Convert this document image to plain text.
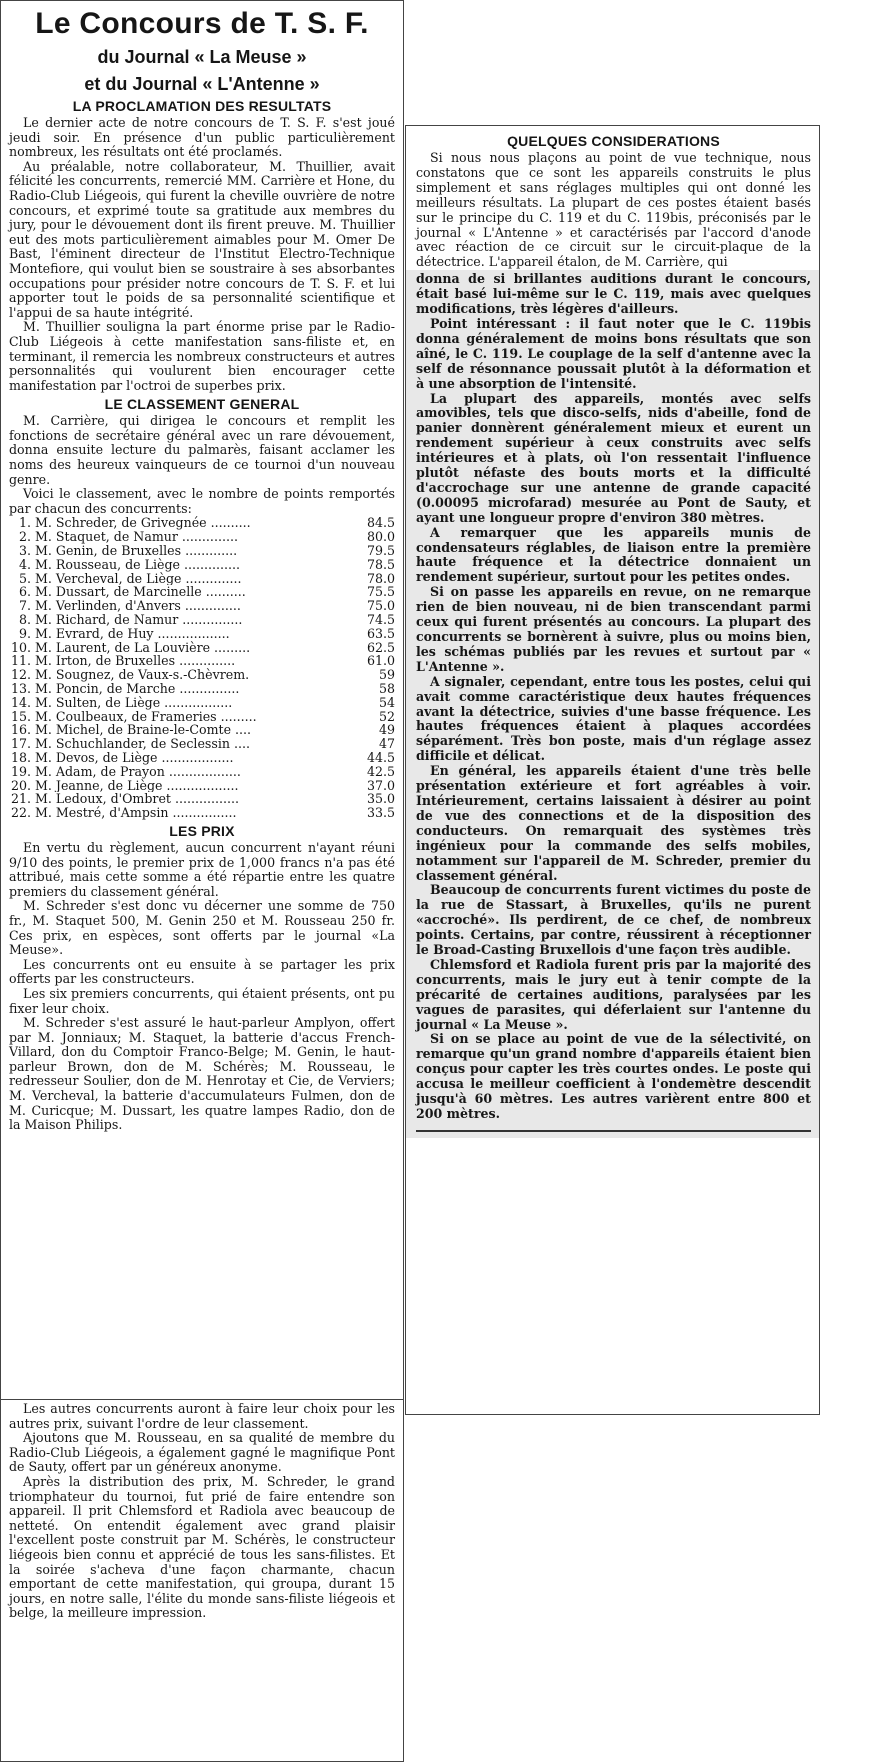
Le Concours de T. S. F.
du Journal « La Meuse »
et du Journal « L'Antenne »
LA PROCLAMATION DES RESULTATS

Le dernier acte de notre concours de T. S. F. s'est joué jeudi soir. En présence d'un public particulièrement nombreux, les résultats ont été proclamés.

Au préalable, notre collaborateur, M. Thuillier, avait félicité les concurrents, remercié MM. Carrière et Hone, du Radio-Club Liégeois, qui furent la cheville ouvrière de notre concours, et exprimé toute sa gratitude aux membres du jury, pour le dévouement dont ils firent preuve. M. Thuillier eut des mots particulièrement aimables pour M. Omer De Bast, l'éminent directeur de l'Institut Electro-Technique Montefiore, qui voulut bien se soustraire à ses absorbantes occupations pour présider notre concours de T. S. F. et lui apporter tout le poids de sa personnalité scientifique et l'appui de sa haute intégrité.

M. Thuillier souligna la part énorme prise par le Radio-Club Liégeois à cette manifestation sans-filiste et, en terminant, il remercia les nombreux constructeurs et autres personnalités qui voulurent bien encourager cette manifestation par l'octroi de superbes prix.

LE CLASSEMENT GENERAL

M. Carrière, qui dirigea le concours et remplit les fonctions de secrétaire général avec un rare dévouement, donna ensuite lecture du palmarès, faisant acclamer les noms des heureux vainqueurs de ce tournoi d'un nouveau genre.

Voici le classement, avec le nombre de points remportés par chacun des concurrents:

1.	M. Schreder, de Grivegnée ..........	84.5
2.	M. Staquet, de Namur ..............	80.0
3.	M. Genin, de Bruxelles .............	79.5
4.	M. Rousseau, de Liège ..............	78.5
5.	M. Vercheval, de Liège ..............	78.0
6.	M. Dussart, de Marcinelle ..........	75.5
7.	M. Verlinden, d'Anvers ..............	75.0
8.	M. Richard, de Namur ...............	74.5
9.	M. Evrard, de Huy ..................	63.5
10.	M. Laurent, de La Louvière .........	62.5
11.	M. Irton, de Bruxelles ..............	61.0
12.	M. Sougnez, de Vaux-s.-Chèvrem.	59
13.	M. Poncin, de Marche ...............	58
14.	M. Sulten, de Liège .................	54
15.	M. Coulbeaux, de Frameries .........	52
16.	M. Michel, de Braine-le-Comte ....	49
17.	M. Schuchlander, de Seclessin ....	47
18.	M. Devos, de Liège ..................	44.5
19.	M. Adam, de Prayon ..................	42.5
20.	M. Jeanne, de Liège ..................	37.0
21.	M. Ledoux, d'Ombret ................	35.0
22.	M. Mestré, d'Ampsin ................	33.5
LES PRIX

En vertu du règlement, aucun concurrent n'ayant réuni 9/10 des points, le premier prix de 1,000 francs n'a pas été attribué, mais cette somme a été répartie entre les quatre premiers du classement général.

M. Schreder s'est donc vu décerner une somme de 750 fr., M. Staquet 500, M. Genin 250 et M. Rousseau 250 fr. Ces prix, en espèces, sont offerts par le journal «La Meuse».

Les concurrents ont eu ensuite à se partager les prix offerts par les constructeurs.

Les six premiers concurrents, qui étaient présents, ont pu fixer leur choix.

M. Schreder s'est assuré le haut-parleur Amplyon, offert par M. Jonniaux; M. Staquet, la batterie d'accus French-Villard, don du Comptoir Franco-Belge; M. Genin, le haut-parleur Brown, don de M. Schérès; M. Rousseau, le redresseur Soulier, don de M. Henrotay et Cie, de Verviers; M. Vercheval, la batterie d'accumulateurs Fulmen, don de M. Curicque; M. Dussart, les quatre lampes Radio, don de la Maison Philips.

Les autres concurrents auront à faire leur choix pour les autres prix, suivant l'ordre de leur classement.

Ajoutons que M. Rousseau, en sa qualité de membre du Radio-Club Liégeois, a également gagné le magnifique Pont de Sauty, offert par un généreux anonyme.

Après la distribution des prix, M. Schreder, le grand triomphateur du tournoi, fut prié de faire entendre son appareil. Il prit Chlemsford et Radiola avec beaucoup de netteté. On entendit également avec grand plaisir l'excellent poste construit par M. Schérès, le constructeur liégeois bien connu et apprécié de tous les sans-filistes. Et la soirée s'acheva d'une façon charmante, chacun emportant de cette manifestation, qui groupa, durant 15 jours, en notre salle, l'élite du monde sans-filiste liégeois et belge, la meilleure impression.

QUELQUES CONSIDERATIONS

Si nous nous plaçons au point de vue technique, nous constatons que ce sont les appareils construits le plus simplement et sans réglages multiples qui ont donné les meilleurs résultats. La plupart de ces postes étaient basés sur le principe du C. 119 et du C. 119bis, préconisés par le journal « L'Antenne » et caractérisés par l'accord d'anode avec réaction de ce circuit sur le circuit-plaque de la détectrice. L'appareil étalon, de M. Carrière, qui

donna de si brillantes auditions durant le concours, était basé lui-même sur le C. 119, mais avec quelques modifications, très légères d'ailleurs.

Point intéressant : il faut noter que le C. 119bis donna généralement de moins bons résultats que son aîné, le C. 119. Le couplage de la self d'antenne avec la self de résonnance poussait plutôt à la déformation et à une absorption de l'intensité.

La plupart des appareils, montés avec selfs amovibles, tels que disco-selfs, nids d'abeille, fond de panier donnèrent généralement mieux et eurent un rendement supérieur à ceux construits avec selfs intérieures et à plats, où l'on ressentait l'influence plutôt néfaste des bouts morts et la difficulté d'accrochage sur une antenne de grande capacité (0.00095 microfarad) mesurée au Pont de Sauty, et ayant une longueur propre d'environ 380 mètres.

A remarquer que les appareils munis de condensateurs réglables, de liaison entre la première haute fréquence et la détectrice donnaient un rendement supérieur, surtout pour les petites ondes.

Si on passe les appareils en revue, on ne remarque rien de bien nouveau, ni de bien transcendant parmi ceux qui furent présentés au concours. La plupart des concurrents se bornèrent à suivre, plus ou moins bien, les schémas publiés par les revues et surtout par « L'Antenne ».

A signaler, cependant, entre tous les postes, celui qui avait comme caractéristique deux hautes fréquences avant la détectrice, suivies d'une basse fréquence. Les hautes fréquences étaient à plaques accordées séparément. Très bon poste, mais d'un réglage assez difficile et délicat.

En général, les appareils étaient d'une très belle présentation extérieure et fort agréables à voir. Intérieurement, certains laissaient à désirer au point de vue des connections et de la disposition des conducteurs. On remarquait des systèmes très ingénieux pour la commande des selfs mobiles, notamment sur l'appareil de M. Schreder, premier du classement général.

Beaucoup de concurrents furent victimes du poste de la rue de Stassart, à Bruxelles, qu'ils ne purent «accroché». Ils perdirent, de ce chef, de nombreux points. Certains, par contre, réussirent à réceptionner le Broad-Casting Bruxellois d'une façon très audible.

Chlemsford et Radiola furent pris par la majorité des concurrents, mais le jury eut à tenir compte de la précarité de certaines auditions, paralysées par les vagues de parasites, qui déferlaient sur l'antenne du journal « La Meuse ».

Si on se place au point de vue de la sélectivité, on remarque qu'un grand nombre d'appareils étaient bien conçus pour capter les très courtes ondes. Le poste qui accusa le meilleur coefficient à l'ondemètre descendit jusqu'à 60 mètres. Les autres varièrent entre 800 et 200 mètres.
